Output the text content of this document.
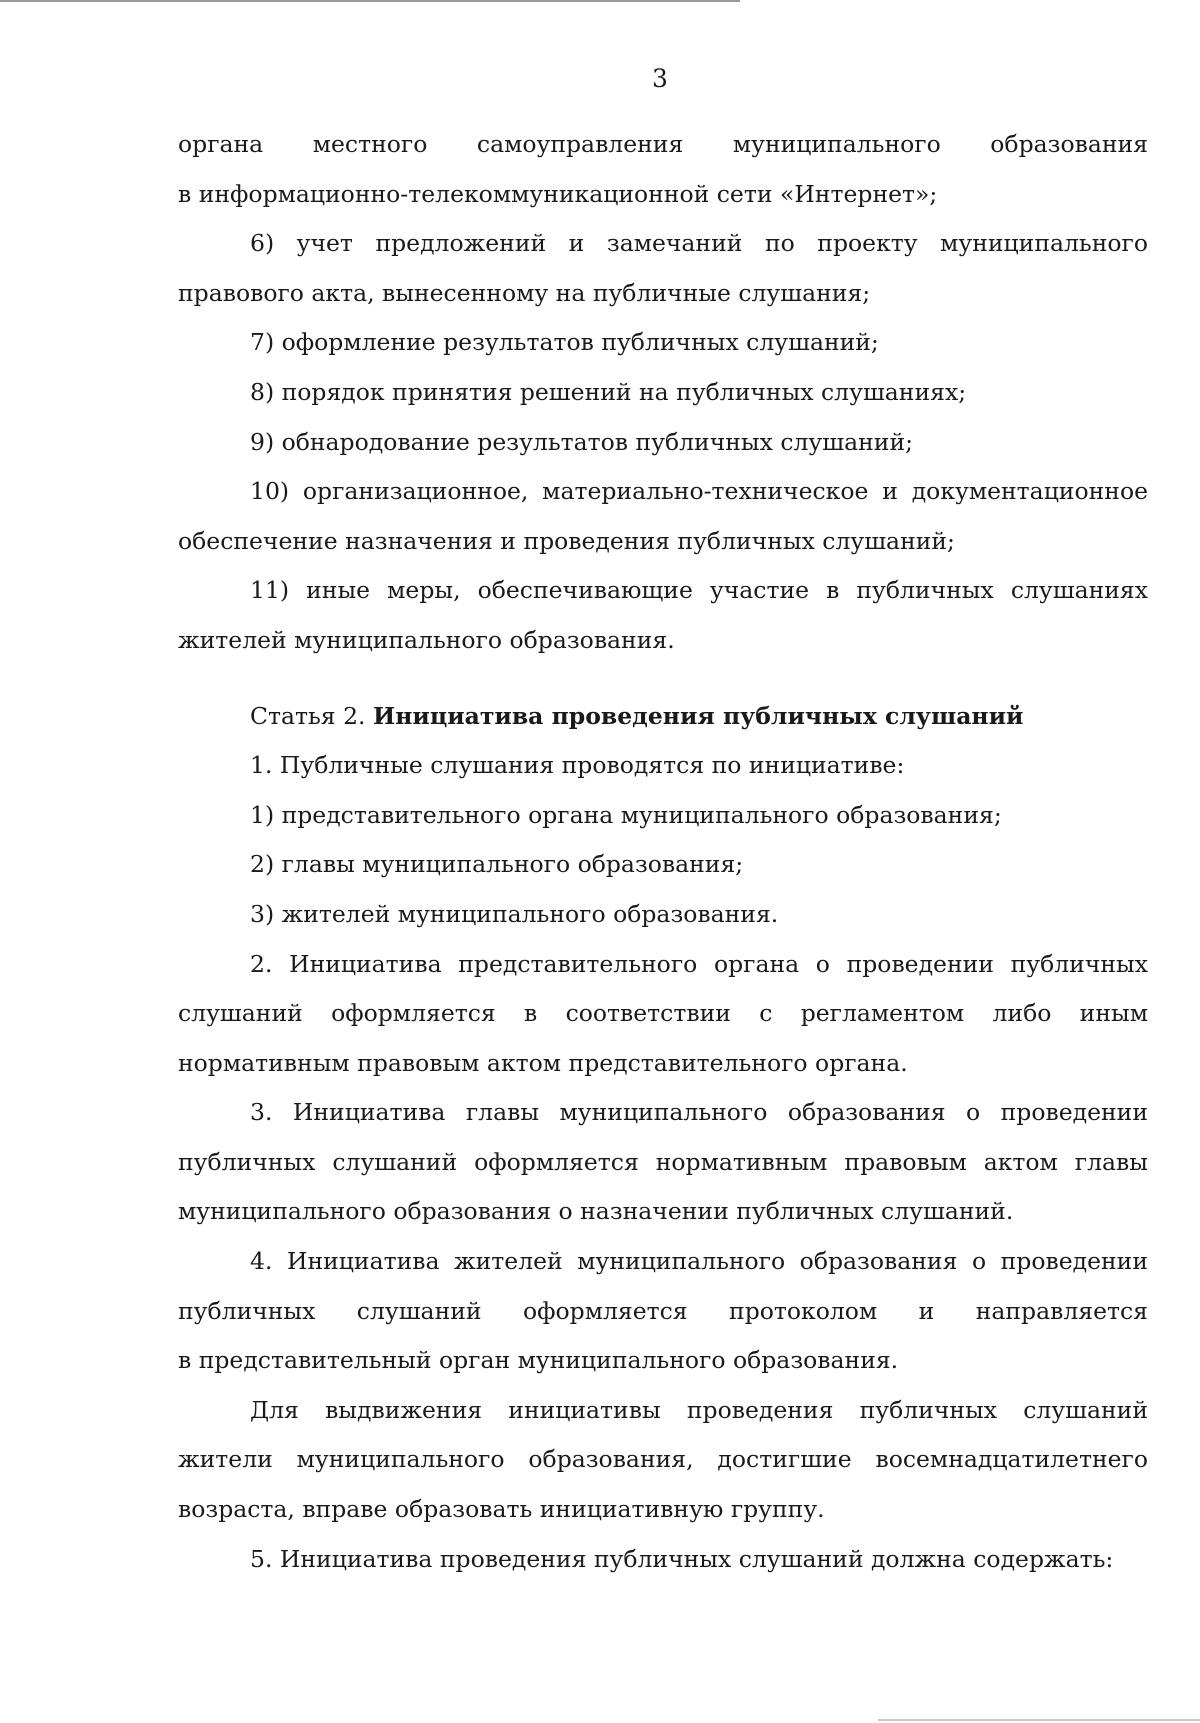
3

органа местного самоуправления муниципального образования

в информационно-телекоммуникационной сети «Интернет»;

6) учет предложений и замечаний по проекту муниципального правового акта, вынесенному на публичные слушания;

7) оформление результатов публичных слушаний;

8) порядок принятия решений на публичных слушаниях;

9) обнародование результатов публичных слушаний;

10) организационное, материально-техническое и документационное обеспечение назначения и проведения публичных слушаний;

11) иные меры, обеспечивающие участие в публичных слушаниях жителей муниципального образования.

Статья 2. Инициатива проведения публичных слушаний

1. Публичные слушания проводятся по инициативе:

1) представительного органа муниципального образования;

2) главы муниципального образования;

3) жителей муниципального образования.

2. Инициатива представительного органа о проведении публичных слушаний оформляется в соответствии с регламентом либо иным нормативным правовым актом представительного органа.

3. Инициатива главы муниципального образования о проведении публичных слушаний оформляется нормативным правовым актом главы муниципального образования о назначении публичных слушаний.

4. Инициатива жителей муниципального образования о проведении публичных слушаний оформляется протоколом и направляется

в представительный орган муниципального образования.

Для выдвижения инициативы проведения публичных слушаний жители муниципального образования, достигшие восемнадцатилетнего возраста, вправе образовать инициативную группу.

5. Инициатива проведения публичных слушаний должна содержать:
